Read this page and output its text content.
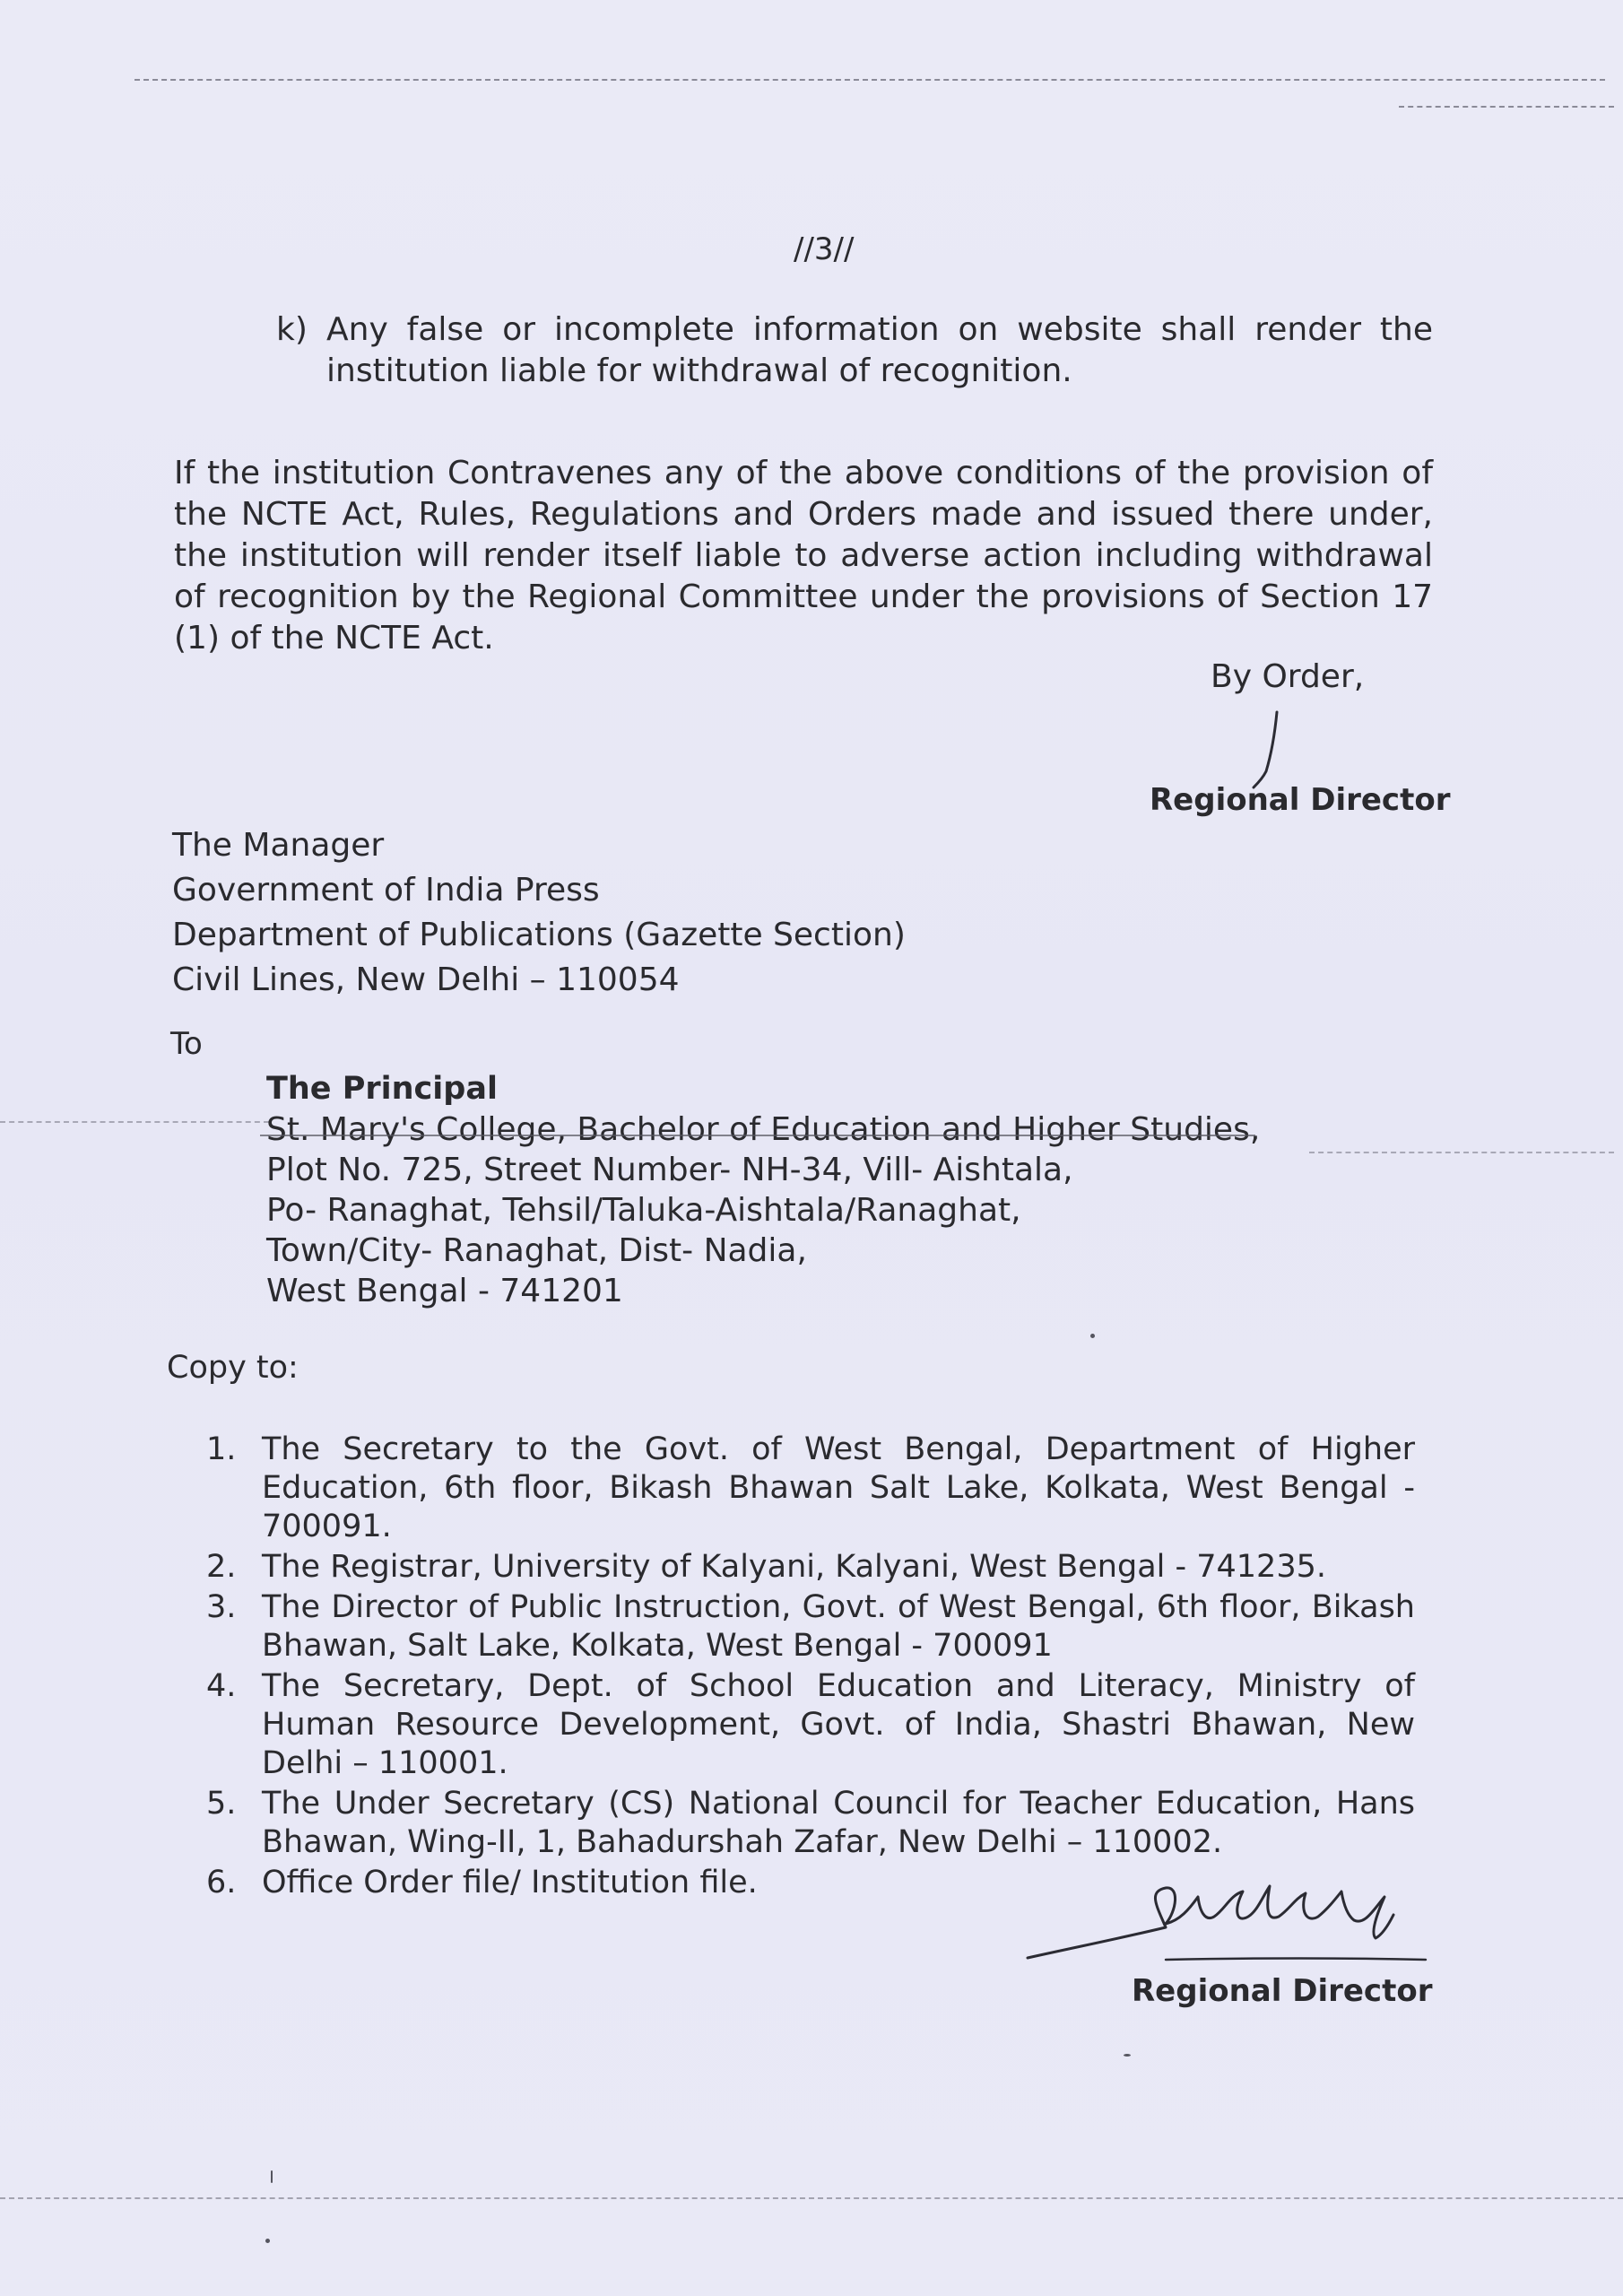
//3//
k) Any false or incomplete information on website shall render the institution liable for withdrawal of recognition.
If the institution Contravenes any of the above conditions of the provision of the NCTE Act, Rules, Regulations and Orders made and issued there under, the institution will render itself liable to adverse action including withdrawal of recognition by the Regional Committee under the provisions of Section 17 (1) of the NCTE Act.
By Order,
Regional Director
The Manager
Government of India Press
Department of Publications (Gazette Section)
Civil Lines, New Delhi – 110054
To
The Principal
St. Mary's College, Bachelor of Education and Higher Studies,
Plot No. 725, Street Number- NH-34, Vill- Aishtala,
Po- Ranaghat, Tehsil/Taluka-Aishtala/Ranaghat,
Town/City- Ranaghat, Dist- Nadia,
West Bengal - 741201
Copy to:
1. The Secretary to the Govt. of West Bengal, Department of Higher Education, 6th floor, Bikash Bhawan Salt Lake, Kolkata, West Bengal - 700091.
2. The Registrar, University of Kalyani, Kalyani, West Bengal - 741235.
3. The Director of Public Instruction, Govt. of West Bengal, 6th floor, Bikash Bhawan, Salt Lake, Kolkata, West Bengal - 700091
4. The Secretary, Dept. of School Education and Literacy, Ministry of Human Resource Development, Govt. of India, Shastri Bhawan, New Delhi – 110001.
5. The Under Secretary (CS) National Council for Teacher Education, Hans Bhawan, Wing-II, 1, Bahadurshah Zafar, New Delhi – 110002.
6. Office Order file/ Institution file.
Regional Director
